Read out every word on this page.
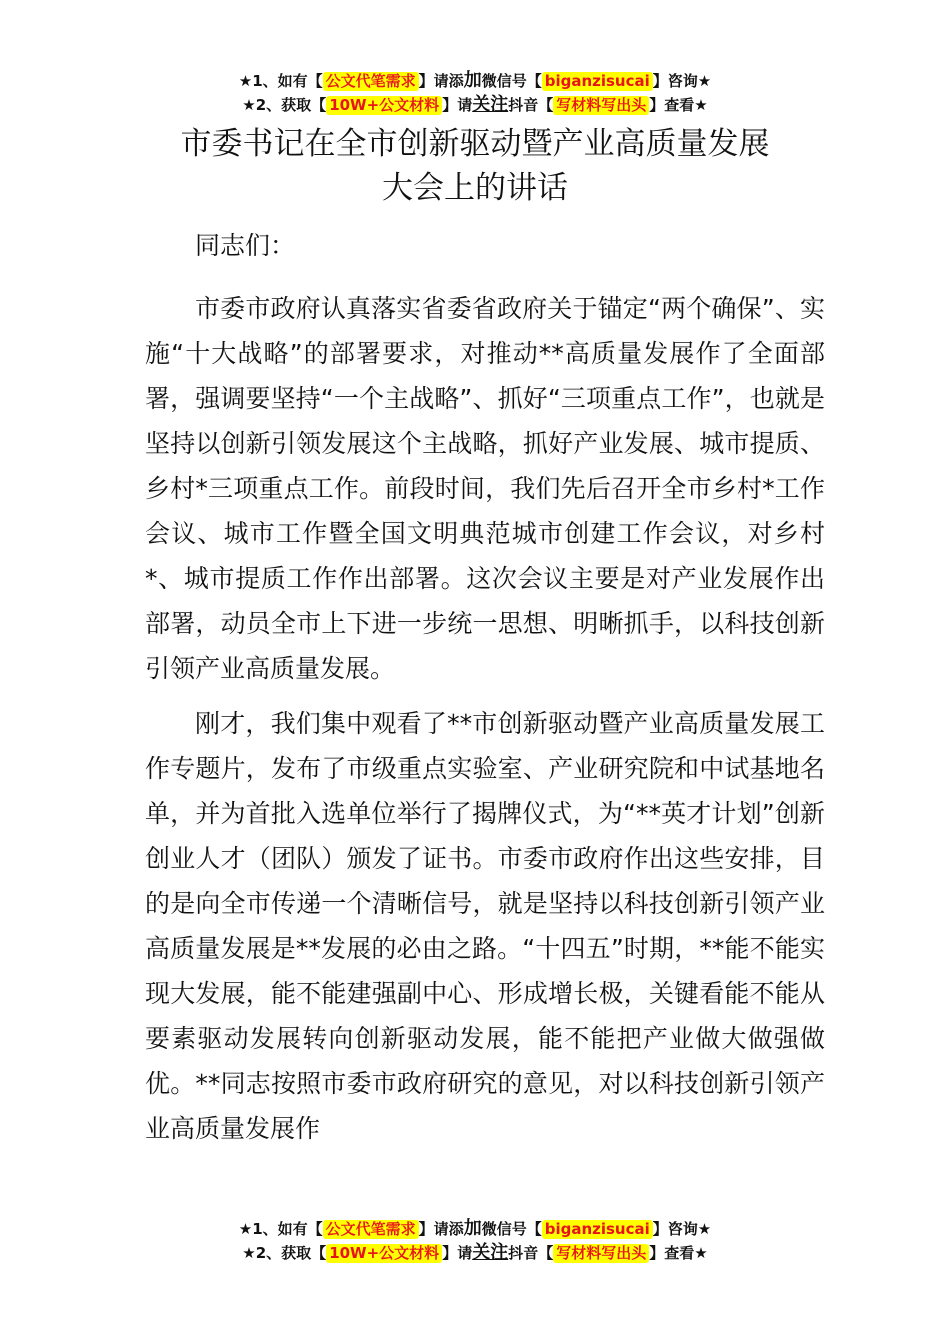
★1、如有【 公文代笔需求 】请添加微信号【 biganzisucai 】咨询★
★2、获取【 10W+公文材料 】请关注抖音【 写材料写出头 】查看★
市委书记在全市创新驱动暨产业高质量发展
大会上的讲话

同志们：

市委市政府认真落实省委省政府关于锚定“两个确保”、实施“十大战略”的部署要求，对推动**高质量发展作了全面部署，强调要坚持“一个主战略”、抓好“三项重点工作”，也就是坚持以创新引领发展这个主战略，抓好产业发展、城市提质、乡村*三项重点工作。前段时间，我们先后召开全市乡村*工作会议、城市工作暨全国文明典范城市创建工作会议，对乡村*、城市提质工作作出部署。这次会议主要是对产业发展作出部署，动员全市上下进一步统一思想、明晰抓手，以科技创新引领产业高质量发展。

刚才，我们集中观看了**市创新驱动暨产业高质量发展工作专题片，发布了市级重点实验室、产业研究院和中试基地名单，并为首批入选单位举行了揭牌仪式，为“**英才计划”创新创业人才（团队）颁发了证书。市委市政府作出这些安排，目的是向全市传递一个清晰信号，就是坚持以科技创新引领产业高质量发展是**发展的必由之路。“十四五”时期，**能不能实现大发展，能不能建强副中心、形成增长极，关键看能不能从要素驱动发展转向创新驱动发展，能不能把产业做大做强做优。**同志按照市委市政府研究的意见，对以科技创新引领产业高质量发展作

★1、如有【 公文代笔需求 】请添加微信号【 biganzisucai 】咨询★
★2、获取【 10W+公文材料 】请关注抖音【 写材料写出头 】查看★
